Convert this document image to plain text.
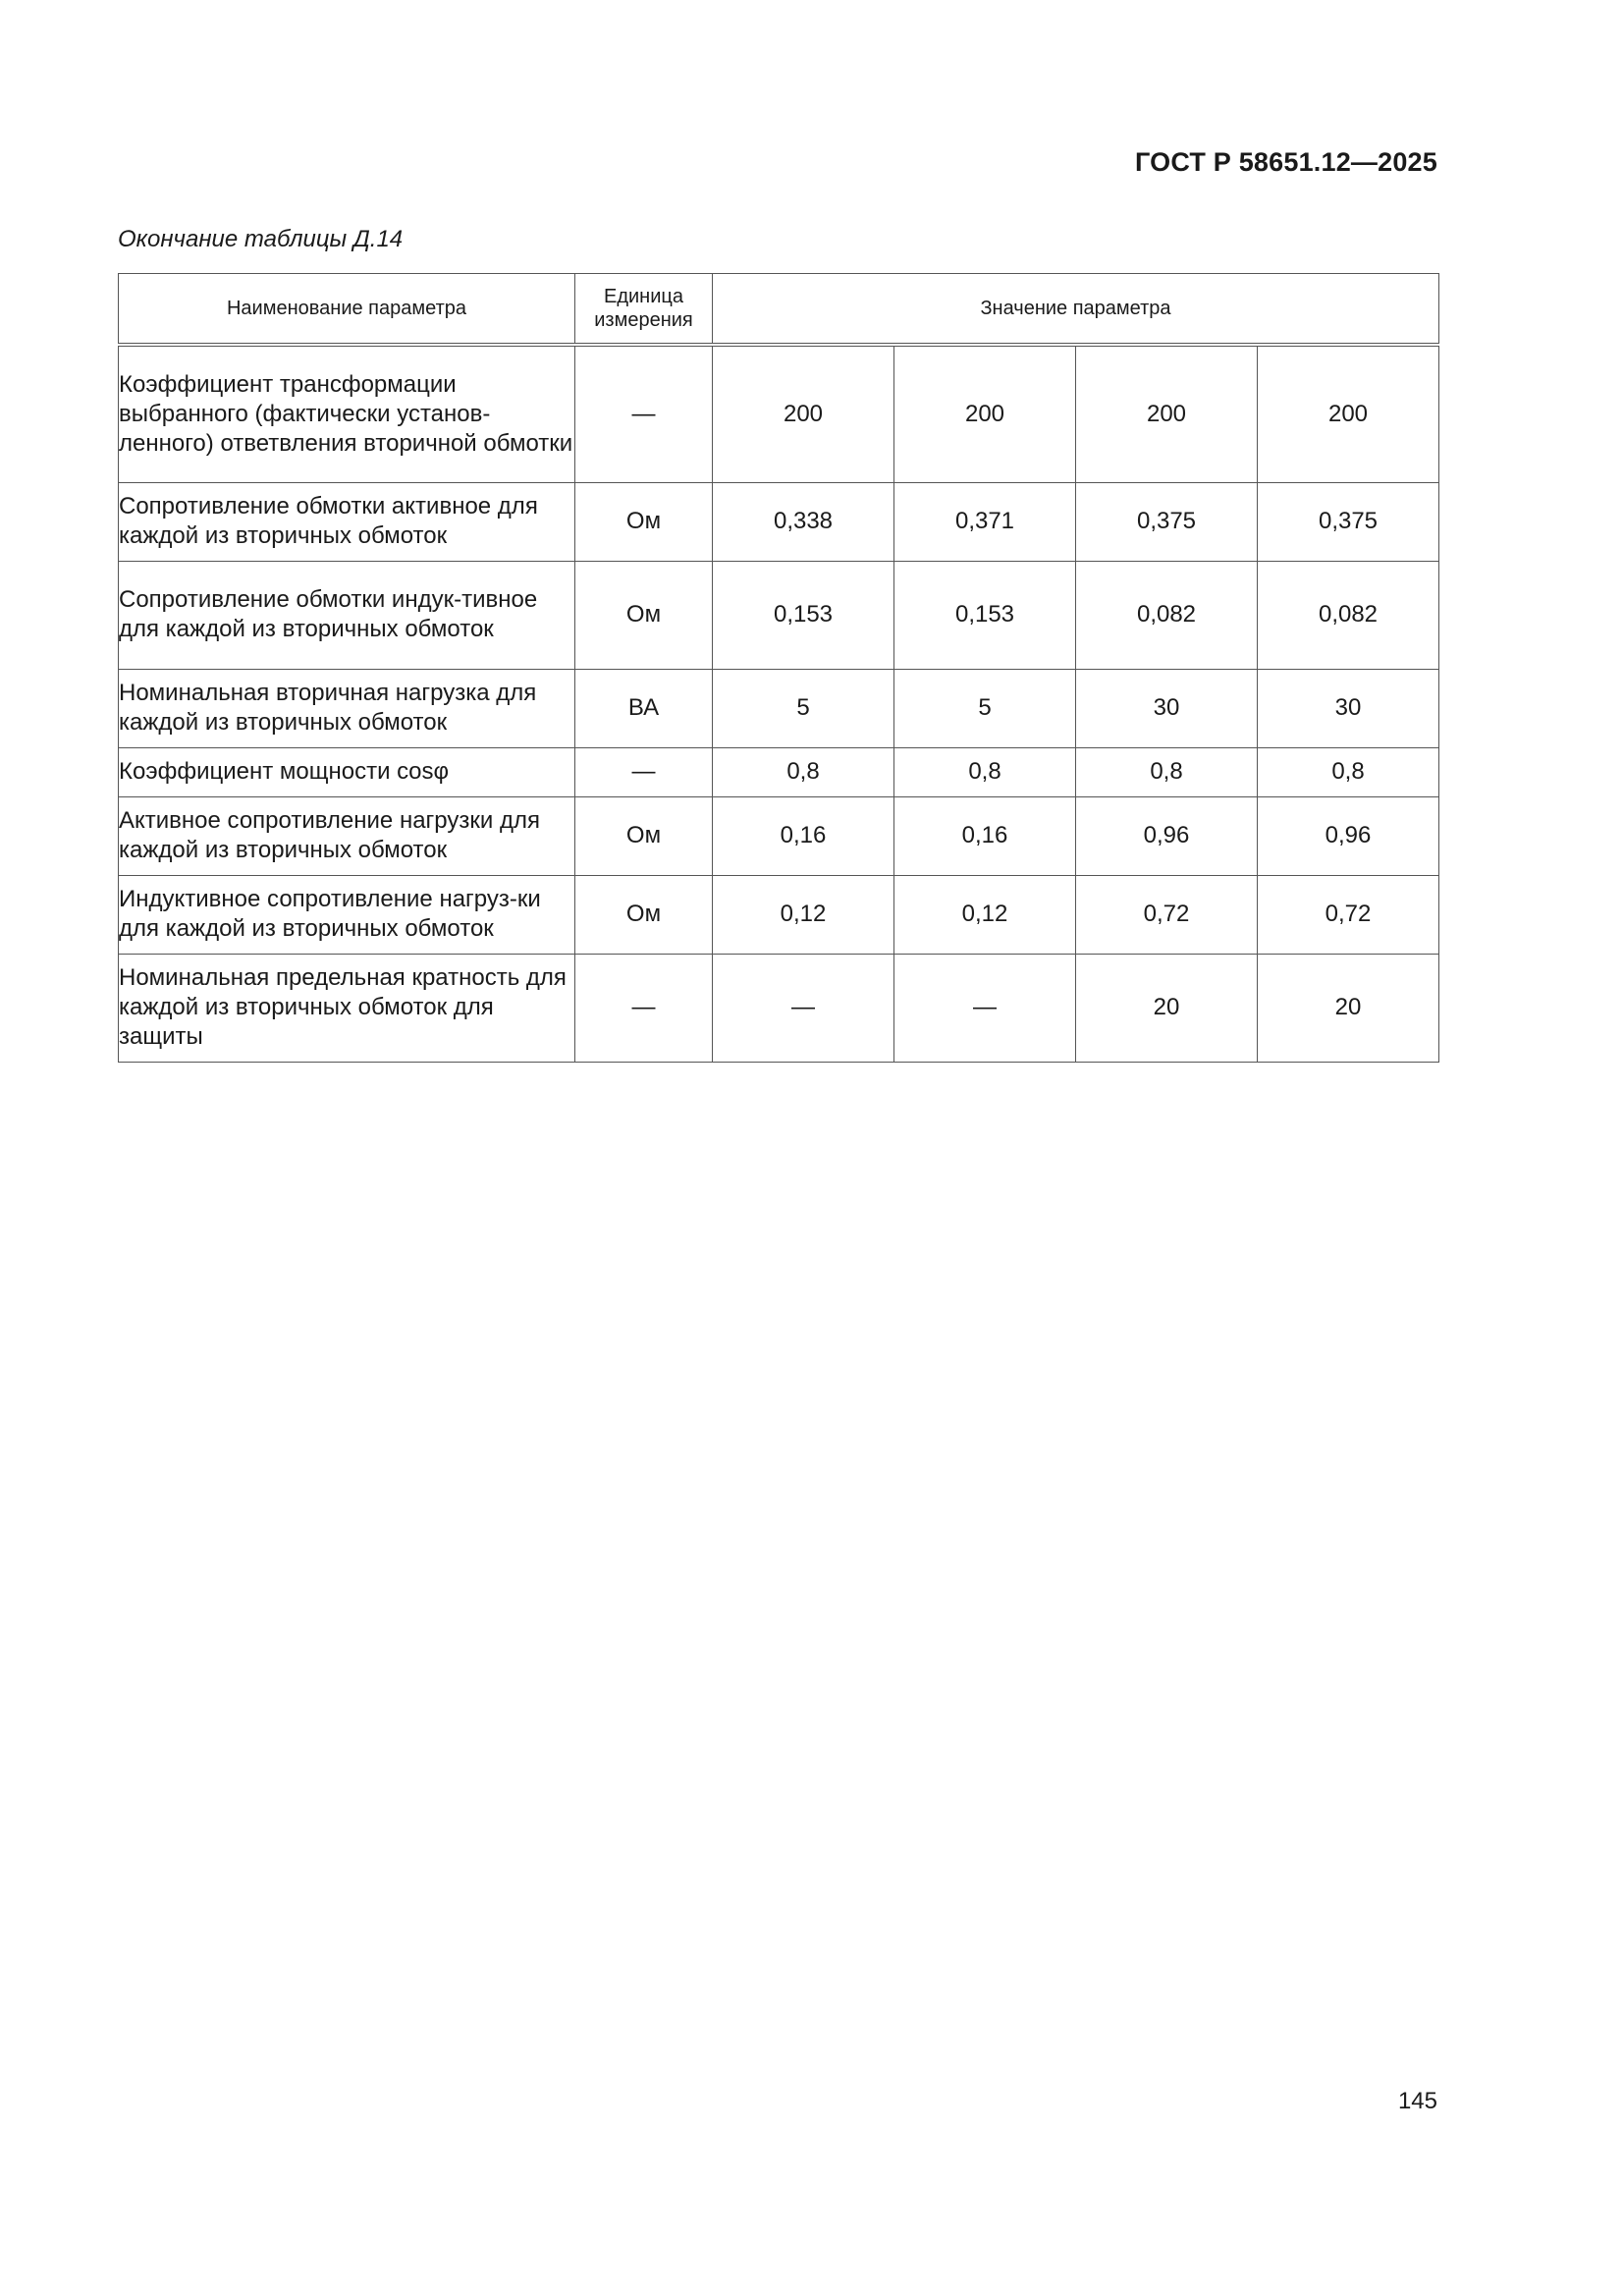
ГОСТ Р 58651.12—2025
Окончание таблицы Д.14
Наименование параметра	Единица измерения	Значение параметра			
Коэффициент трансформации выбранного (фактически установ-ленного) ответвления вторичной обмотки	—	200	200	200	200
Сопротивление обмотки активное для каждой из вторичных обмоток	Ом	0,338	0,371	0,375	0,375
Сопротивление обмотки индук-тивное для каждой из вторичных обмоток	Ом	0,153	0,153	0,082	0,082
Номинальная вторичная нагрузка для каждой из вторичных обмоток	ВА	5	5	30	30
Коэффициент мощности cosφ	—	0,8	0,8	0,8	0,8
Активное сопротивление нагрузки для каждой из вторичных обмоток	Ом	0,16	0,16	0,96	0,96
Индуктивное сопротивление нагруз-ки для каждой из вторичных обмоток	Ом	0,12	0,12	0,72	0,72
Номинальная предельная кратность для каждой из вторичных обмоток для защиты	—	—	—	20	20
145
